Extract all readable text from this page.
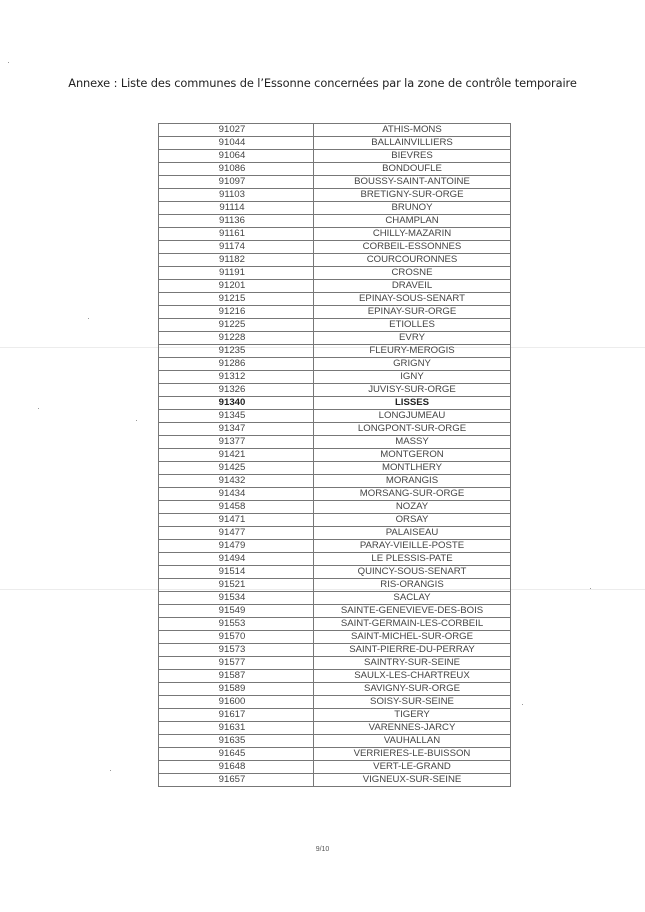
Annexe : Liste des communes de l’Essonne concernées par la zone de contrôle temporaire
91027	ATHIS-MONS
91044	BALLAINVILLIERS
91064	BIEVRES
91086	BONDOUFLE
91097	BOUSSY-SAINT-ANTOINE
91103	BRETIGNY-SUR-ORGE
91114	BRUNOY
91136	CHAMPLAN
91161	CHILLY-MAZARIN
91174	CORBEIL-ESSONNES
91182	COURCOURONNES
91191	CROSNE
91201	DRAVEIL
91215	EPINAY-SOUS-SENART
91216	EPINAY-SUR-ORGE
91225	ETIOLLES
91228	EVRY
91235	FLEURY-MEROGIS
91286	GRIGNY
91312	IGNY
91326	JUVISY-SUR-ORGE
91340	LISSES
91345	LONGJUMEAU
91347	LONGPONT-SUR-ORGE
91377	MASSY
91421	MONTGERON
91425	MONTLHERY
91432	MORANGIS
91434	MORSANG-SUR-ORGE
91458	NOZAY
91471	ORSAY
91477	PALAISEAU
91479	PARAY-VIEILLE-POSTE
91494	LE PLESSIS-PATE
91514	QUINCY-SOUS-SENART
91521	RIS-ORANGIS
91534	SACLAY
91549	SAINTE-GENEVIEVE-DES-BOIS
91553	SAINT-GERMAIN-LES-CORBEIL
91570	SAINT-MICHEL-SUR-ORGE
91573	SAINT-PIERRE-DU-PERRAY
91577	SAINTRY-SUR-SEINE
91587	SAULX-LES-CHARTREUX
91589	SAVIGNY-SUR-ORGE
91600	SOISY-SUR-SEINE
91617	TIGERY
91631	VARENNES-JARCY
91635	VAUHALLAN
91645	VERRIERES-LE-BUISSON
91648	VERT-LE-GRAND
91657	VIGNEUX-SUR-SEINE
9/10
